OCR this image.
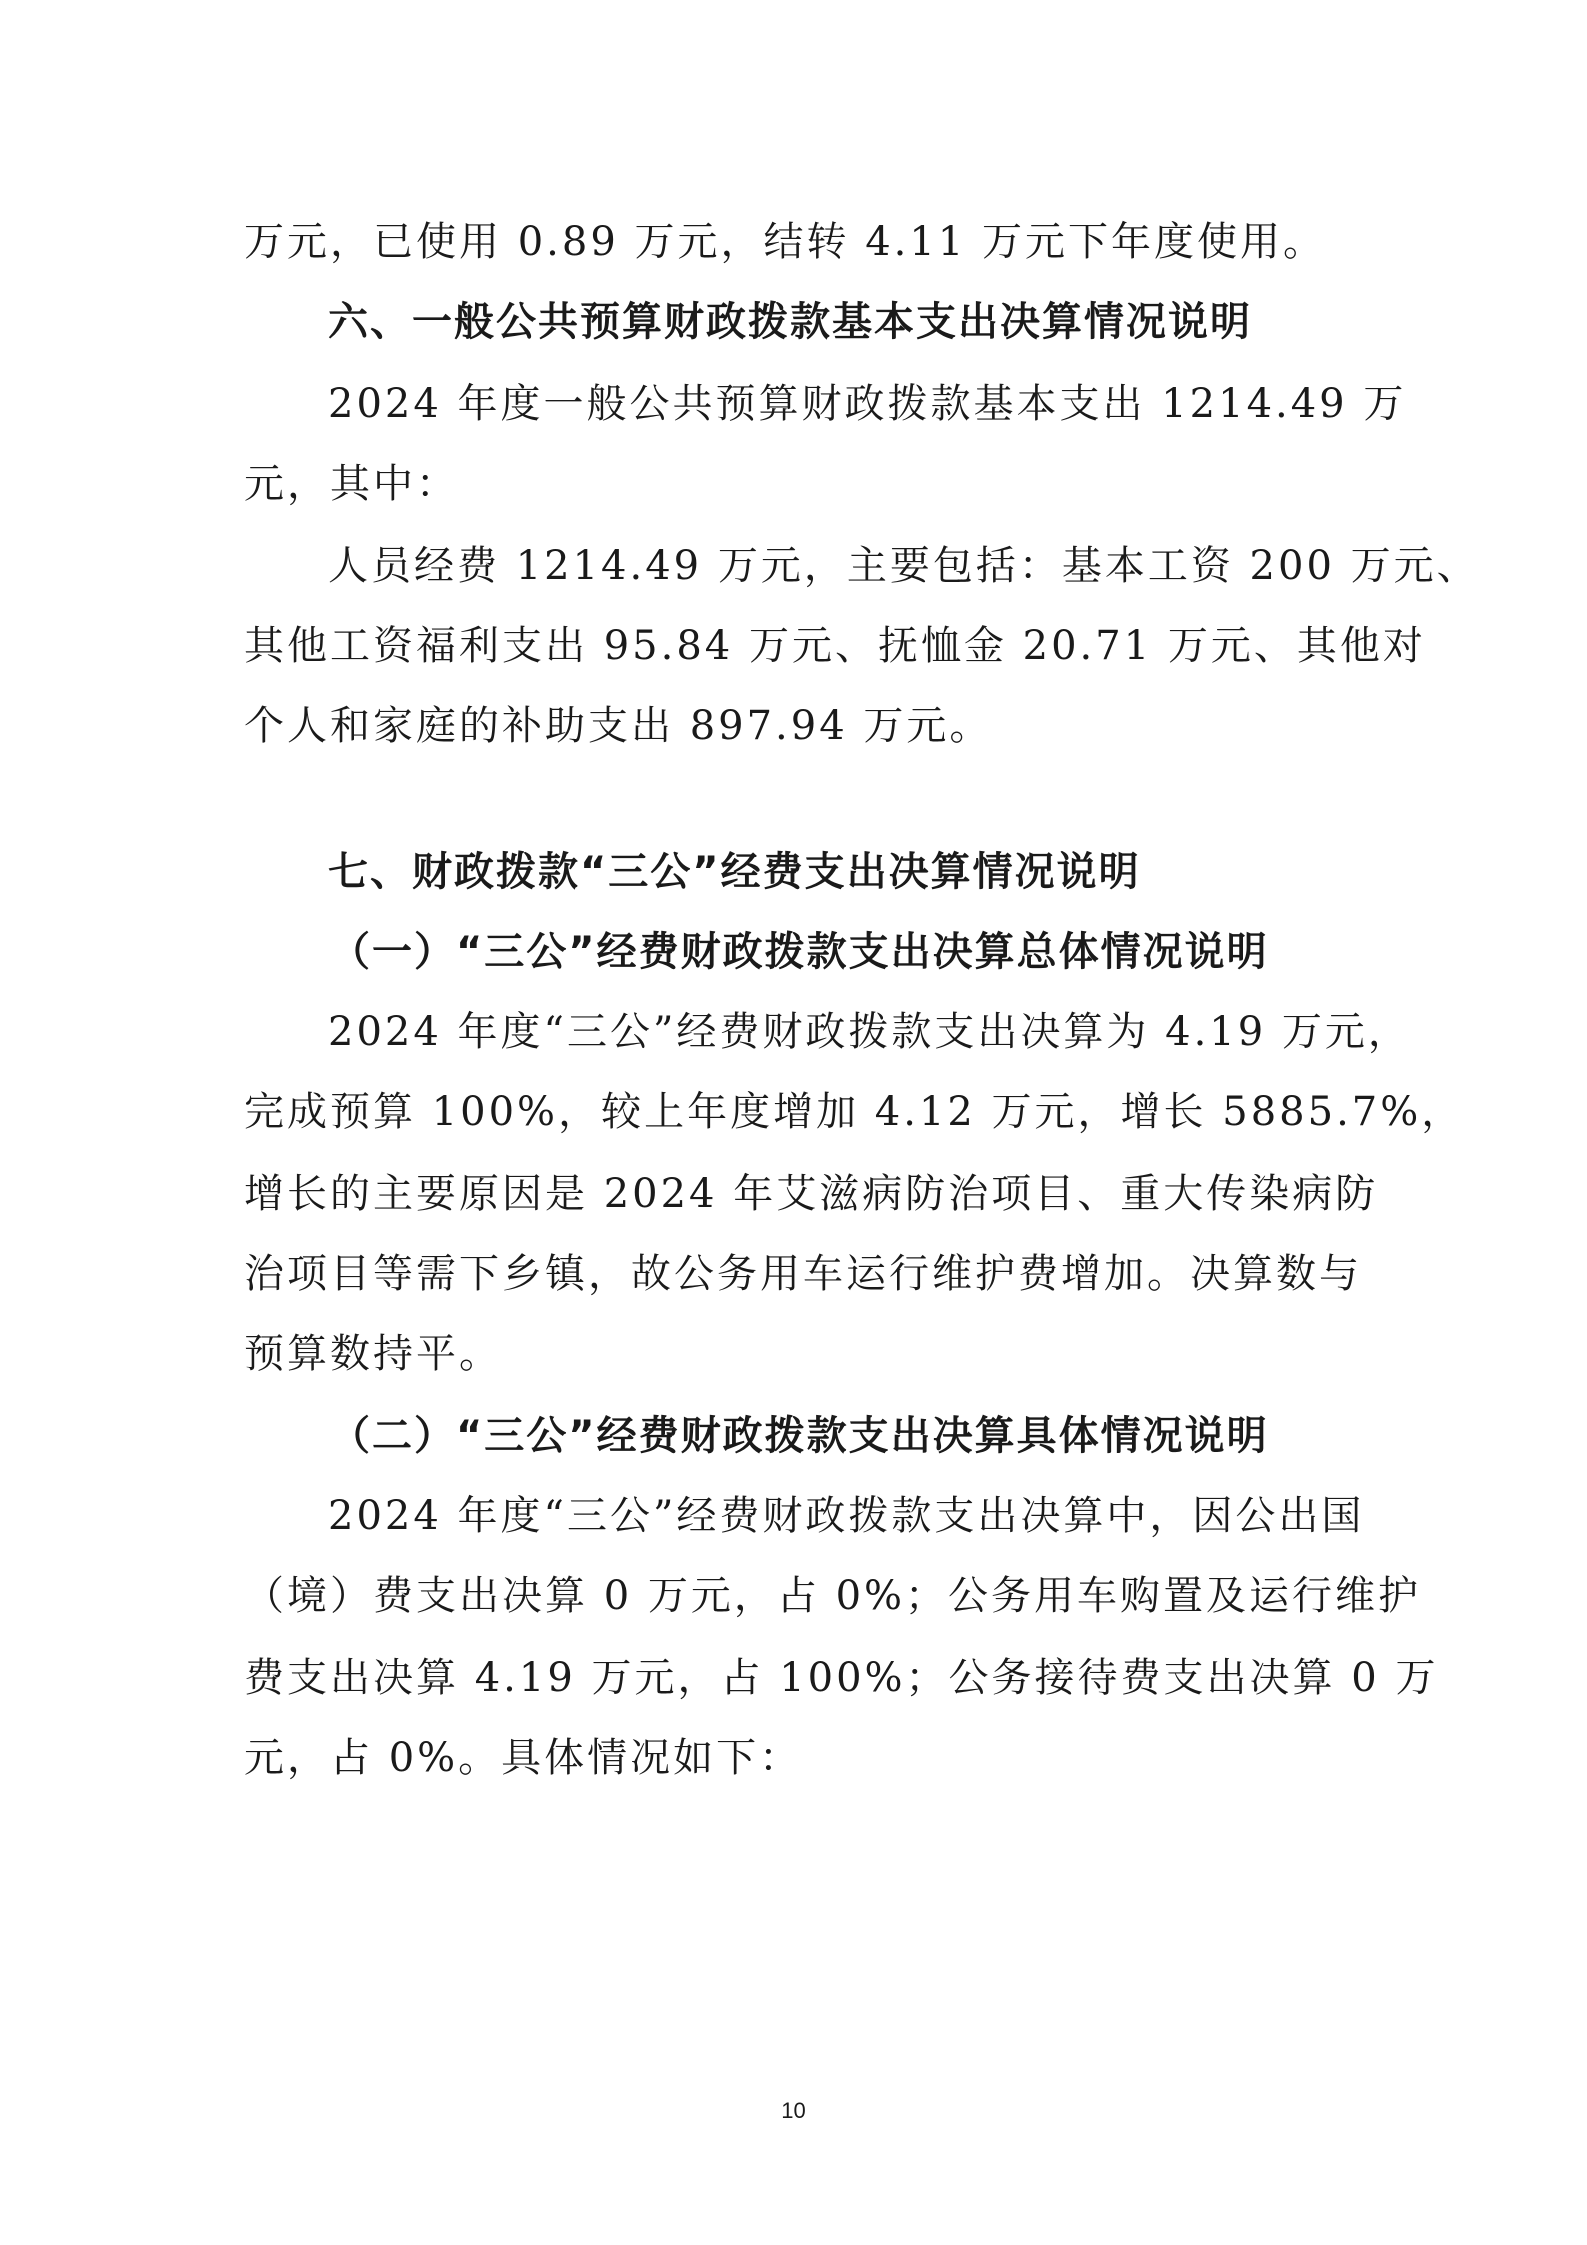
万元，已使用 0.89 万元，结转 4.11 万元下年度使用。
六、一般公共预算财政拨款基本支出决算情况说明
2024 年度一般公共预算财政拨款基本支出 1214.49 万
元，其中：
人员经费 1214.49 万元，主要包括：基本工资 200 万元、
其他工资福利支出 95.84 万元、抚恤金 20.71 万元、其他对
个人和家庭的补助支出 897.94 万元。
七、财政拨款“三公”经费支出决算情况说明
（一）“三公”经费财政拨款支出决算总体情况说明
2024 年度“三公”经费财政拨款支出决算为 4.19 万元，
完成预算 100%，较上年度增加 4.12 万元，增长 5885.7%，
增长的主要原因是 2024 年艾滋病防治项目、重大传染病防
治项目等需下乡镇，故公务用车运行维护费增加。决算数与
预算数持平。
（二）“三公”经费财政拨款支出决算具体情况说明
2024 年度“三公”经费财政拨款支出决算中，因公出国
（境）费支出决算 0 万元，占 0%；公务用车购置及运行维护
费支出决算 4.19 万元，占 100%；公务接待费支出决算 0 万
元，占 0%。具体情况如下：
10
